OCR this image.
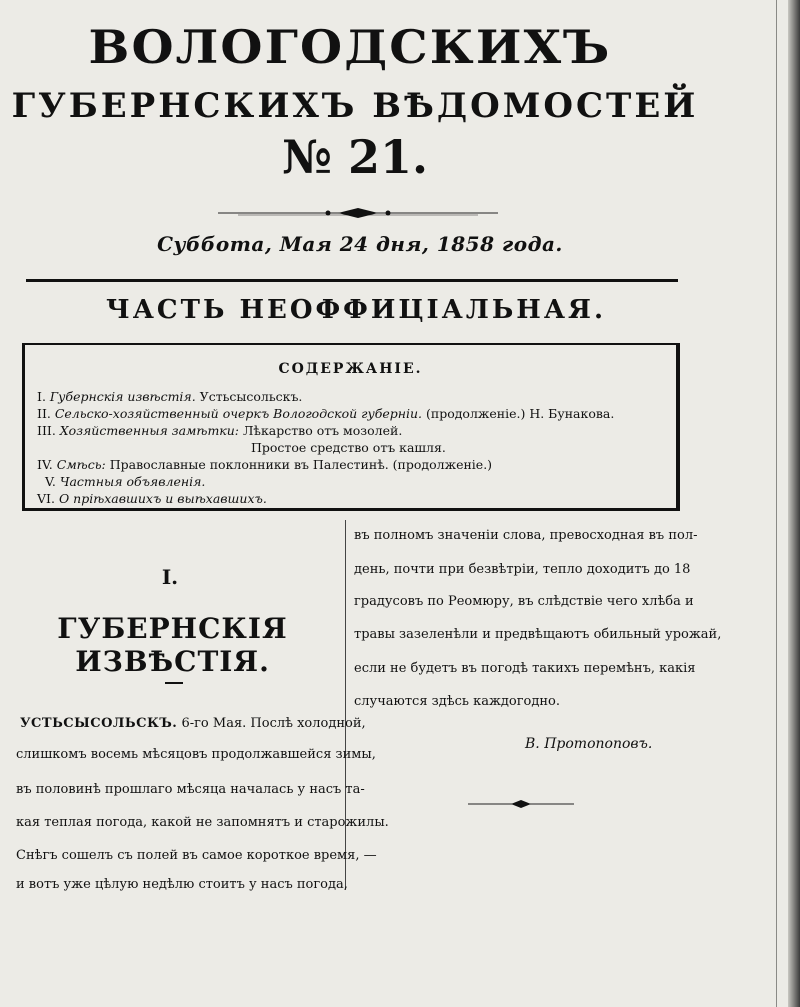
ВОЛОГОДСКИХЪ
ГУБЕРНСКИХЪ ВѢДОМОСТЕЙ
№ 21.
Суббота, Мая 24 дня, 1858 года.
ЧАСТЬ НЕОФФИЦІАЛЬНАЯ.
СОДЕРЖАНІЕ.
I. Губернскія извѣстія. Устьсысольскъ.
II. Сельско-хозяйственный очеркъ Вологодской губерніи. (продолженіе.) Н. Бунакова.
III. Хозяйственныя замѣтки: Лѣкарство отъ мозолей.
Простое средство отъ кашля.
IV. Смѣсь: Православные поклонники въ Палестинѣ. (продолженіе.)
V. Частныя объявленія.
VI. О пріѣхавшихъ и выѣхавшихъ.
I.
ГУБЕРНСКІЯ ИЗВѢСТІЯ.
УСТЬСЫСОЛЬСКЪ. 6-го Мая. Послѣ холодной,
слишкомъ восемь мѣсяцовъ продолжавшейся зимы,
въ половинѣ прошлаго мѣсяца началась у насъ та-
кая теплая погода, какой не запомнятъ и старожилы.
Снѣгъ сошелъ съ полей въ самое короткое время, —
и вотъ уже цѣлую недѣлю стоитъ у насъ погода,
въ полномъ значеніи слова, превосходная въ пол-
день, почти при безвѣтріи, тепло доходитъ до 18
градусовъ по Реомюру, въ слѣдствіе чего хлѣба и
травы зазеленѣли и предвѣщаютъ обильный урожай,
если не будетъ въ погодѣ такихъ перемѣнъ, какія
случаются здѣсь каждогодно.
В. Протопоповъ.
